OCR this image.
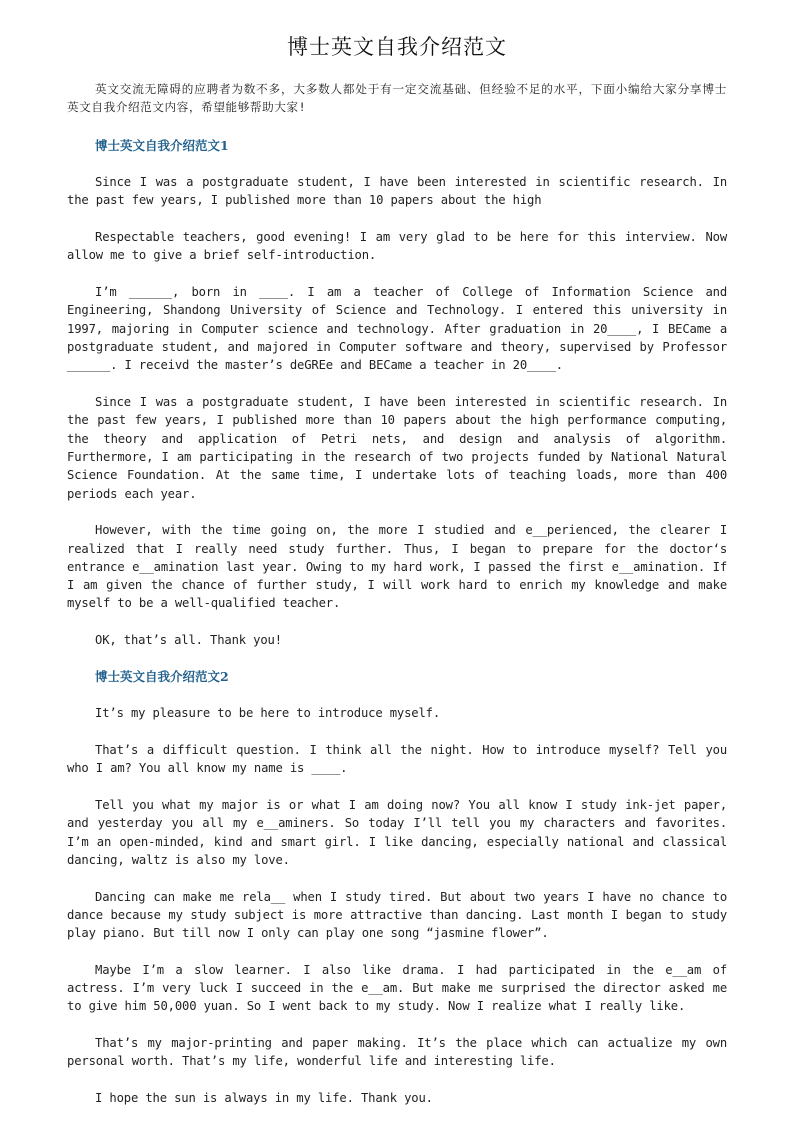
博士英文自我介绍范文

英文交流无障碍的应聘者为数不多，大多数人都处于有一定交流基础、但经验不足的水平，下面小编给大家分享博士英文自我介绍范文内容，希望能够帮助大家!

博士英文自我介绍范文1

Since I was a postgraduate student, I have been interested in scientific research. In the past few years, I published more than 10 papers about the high

Respectable teachers, good evening! I am very glad to be here for this interview. Now allow me to give a brief self-introduction.

I’m ______, born in ____. I am a teacher of College of Information Science and Engineering, Shandong University of Science and Technology. I entered this university in 1997, majoring in Computer science and technology. After graduation in 20____, I BECame a postgraduate student, and majored in Computer software and theory, supervised by Professor ______. I receivd the master’s deGREe and BECame a teacher in 20____.

Since I was a postgraduate student, I have been interested in scientific research. In the past few years, I published more than 10 papers about the high performance computing, the theory and application of Petri nets, and design and analysis of algorithm. Furthermore, I am participating in the research of two projects funded by National Natural Science Foundation. At the same time, I undertake lots of teaching loads, more than 400 periods each year.

However, with the time going on, the more I studied and e__perienced, the clearer I realized that I really need study further. Thus, I began to prepare for the doctor‘s entrance e__amination last year. Owing to my hard work, I passed the first e__amination. If I am given the chance of further study, I will work hard to enrich my knowledge and make myself to be a well-qualified teacher.

OK, that’s all. Thank you!

博士英文自我介绍范文2

It’s my pleasure to be here to introduce myself.

That’s a difficult question. I think all the night. How to introduce myself? Tell you who I am? You all know my name is ____.

Tell you what my major is or what I am doing now? You all know I study ink-jet paper, and yesterday you all my e__aminers. So today I’ll tell you my characters and favorites. I’m an open-minded, kind and smart girl. I like dancing, especially national and classical dancing, waltz is also my love.

Dancing can make me rela__ when I study tired. But about two years I have no chance to dance because my study subject is more attractive than dancing. Last month I began to study play piano. But till now I only can play one song “jasmine flower”.

Maybe I’m a slow learner. I also like drama. I had participated in the e__am of actress. I’m very luck I succeed in the e__am. But make me surprised the director asked me to give him 50,000 yuan. So I went back to my study. Now I realize what I really like.

That’s my major-printing and paper making. It’s the place which can actualize my own personal worth. That’s my life, wonderful life and interesting life.

I hope the sun is always in my life. Thank you.
